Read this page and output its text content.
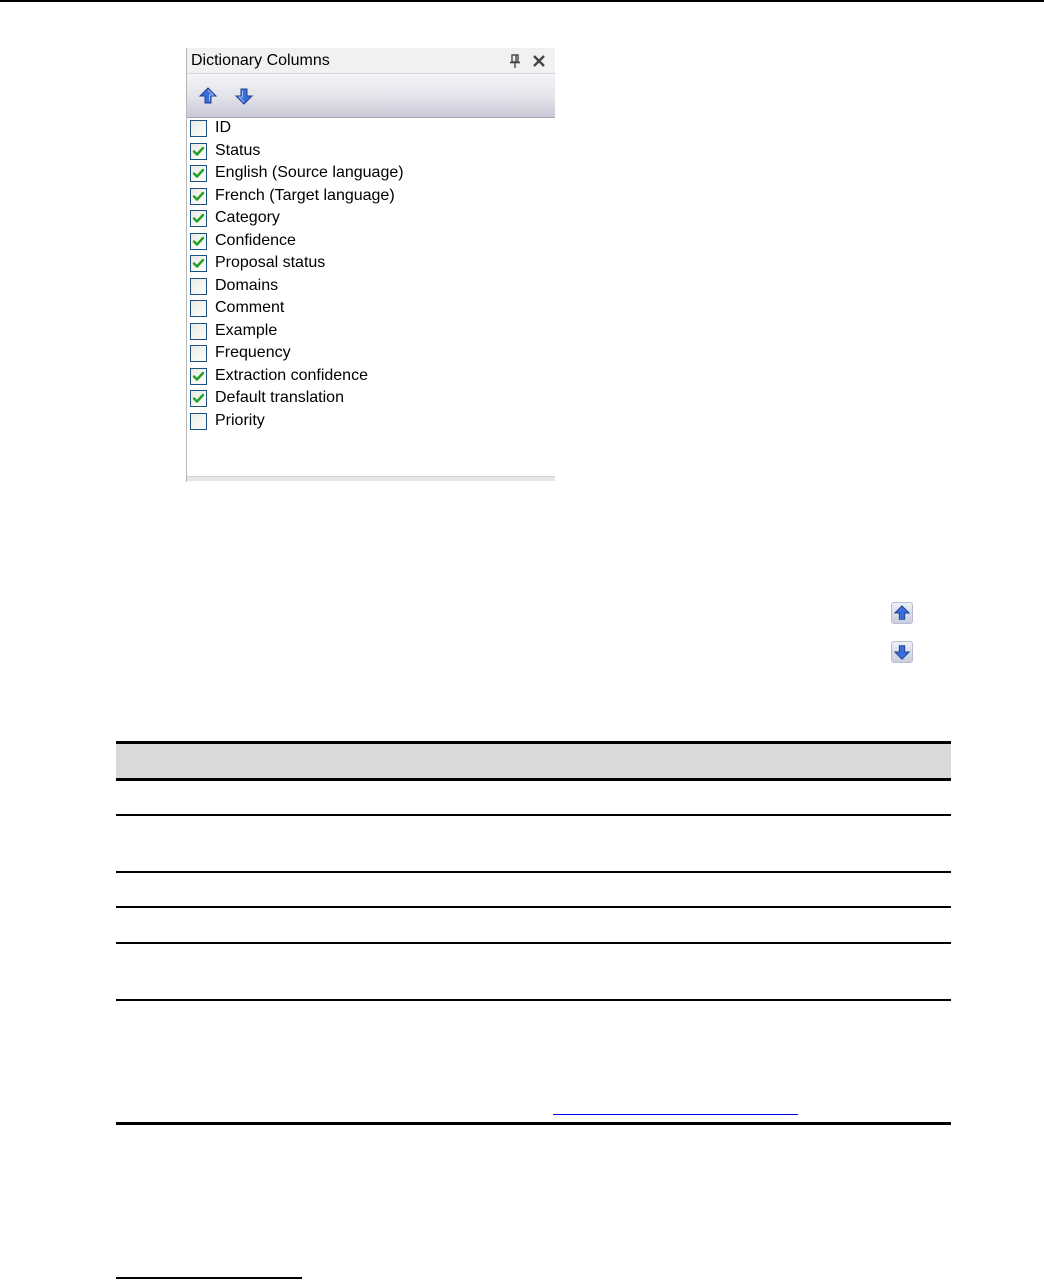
Dictionary Columns
ID
Status
English (Source language)
French (Target language)
Category
Confidence
Proposal status
Domains
Comment
Example
Frequency
Extraction confidence
Default translation
Priority
